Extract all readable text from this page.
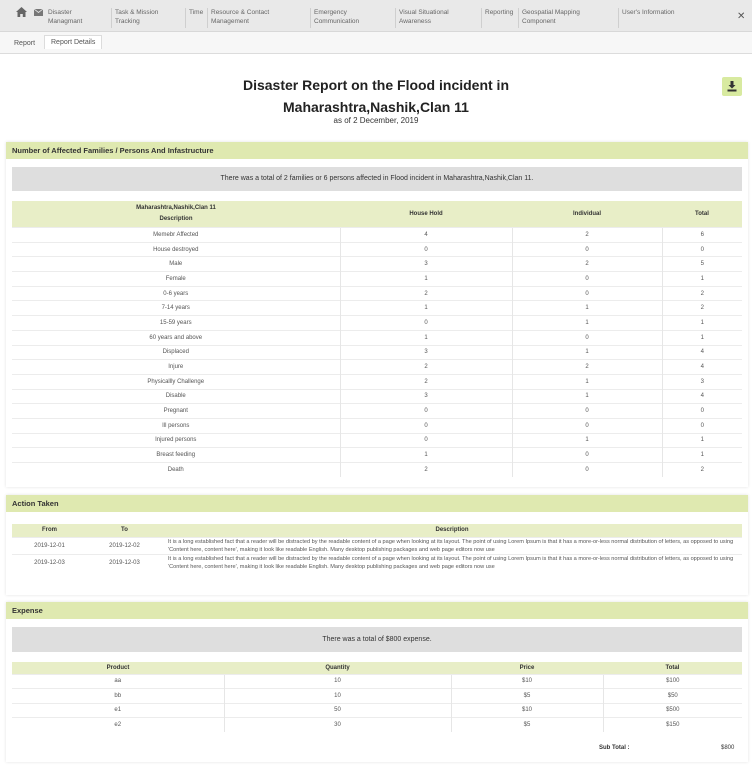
Disaster Managmant
Task & Mission Tracking
Time	Resource & Contact Management
Emergency Communication
Visual Situational Awareness
Reporting	Geospatial Mapping Component
User's Information	✕
Report	Report Details
Disaster Report on the Flood incident in
Maharashtra,Nashik,Clan 11
as of 2 December, 2019
Number of Affected Families / Persons And Infastructure
There was a total of 2 families or 6 persons affected in Flood incident in Maharashtra,Nashik,Clan 11.
Maharashtra,Nashik,Clan 11
Description	House Hold	Individual	Total
Memebr Affected	4	2	6
House destroyed	0	0	0
Male	3	2	5
Female	1	0	1
0-6 years	2	0	2
7-14 years	1	1	2
15-59 years	0	1	1
60 years and above	1	0	1
Displaced	3	1	4
Injure	2	2	4
Physicallly Challenge	2	1	3
Disable	3	1	4
Pregnant	0	0	0
Ill persons	0	0	0
Injured persons	0	1	1
Breast feeding	1	0	1
Death	2	0	2
Action Taken
From	To	Description
2019-12-01	2019-12-02	It is a long established fact that a reader will be distracted by the readable content of a page when looking at its layout. The point of using Lorem Ipsum is that it has a more-or-less normal distribution of letters, as opposed to using 'Content here, content here', making it look like readable English. Many desktop publishing packages and web page editors now use
2019-12-03	2019-12-03	It is a long established fact that a reader will be distracted by the readable content of a page when looking at its layout. The point of using Lorem Ipsum is that it has a more-or-less normal distribution of letters, as opposed to using 'Content here, content here', making it look like readable English. Many desktop publishing packages and web page editors now use
Expense
There was a total of $800 expense.
Product	Quantity	Price	Total
aa	10	$10	$100
bb	10	$5	$50
e1	50	$10	$500
e2	30	$5	$150
Sub Total :	$800
